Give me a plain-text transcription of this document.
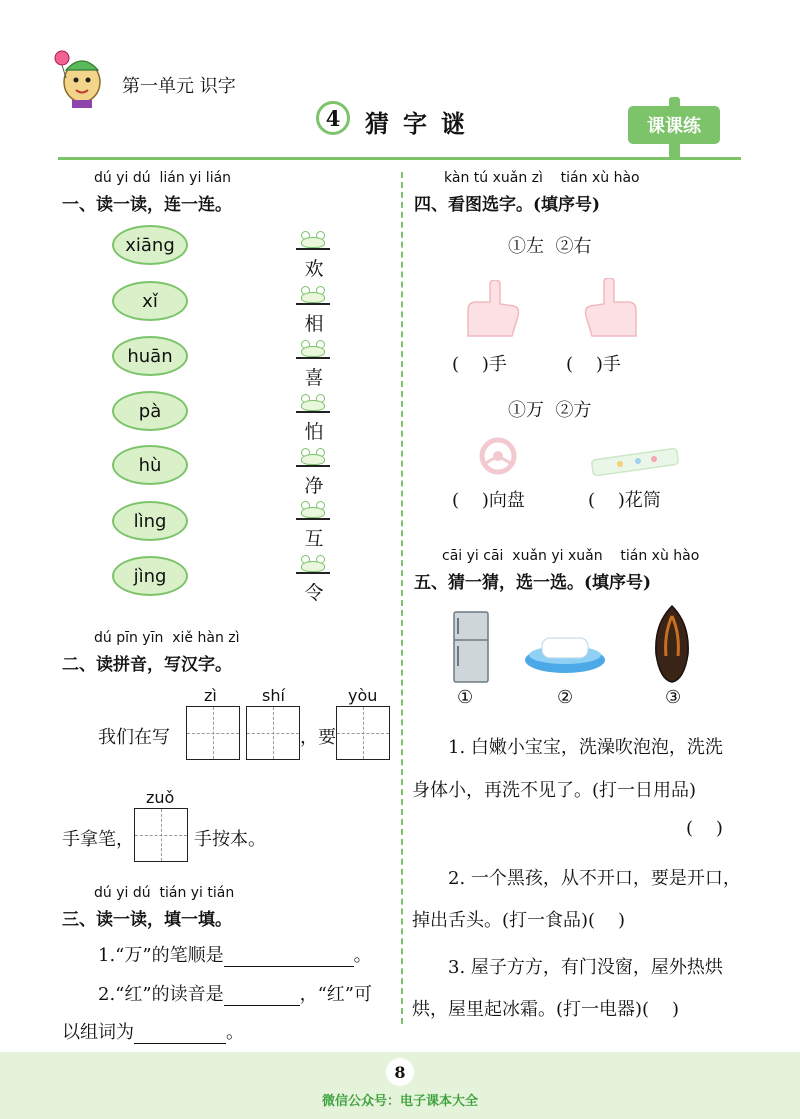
第一单元 识字
4	猜字谜	课课练
dú yi dú  lián yi lián
一、读一读，连一连。
xiāng
xǐ
huān
pà
hù
lìng
jìng
欢
相
喜
怕
净
互
令
dú pīn yīn  xiě hàn zì
二、读拼音，写汉字。
zì	shí	yòu
我们在写	，要
zuǒ
手拿笔，	手按本。
dú yi dú  tián yi tián
三、读一读，填一填。
1.“万”的笔顺是	。
2.“红”的读音是	，“红”可
以组词为	。
kàn tú xuǎn zì    tián xù hào
四、看图选字。(填序号)
①左  ②右
(    )手	(    )手
①万  ②方
(    )向盘	(    )花筒
cāi yi cāi  xuǎn yi xuǎn    tián xù hào
五、猜一猜，选一选。(填序号)
①	②	③
1. 白嫩小宝宝，洗澡吹泡泡，洗洗
身体小，再洗不见了。(打一日用品)
(    )
2. 一个黑孩，从不开口，要是开口，
掉出舌头。(打一食品)(    )
3. 屋子方方，有门没窗，屋外热烘
烘，屋里起冰霜。(打一电器)(    )
8
微信公众号：电子课本大全
